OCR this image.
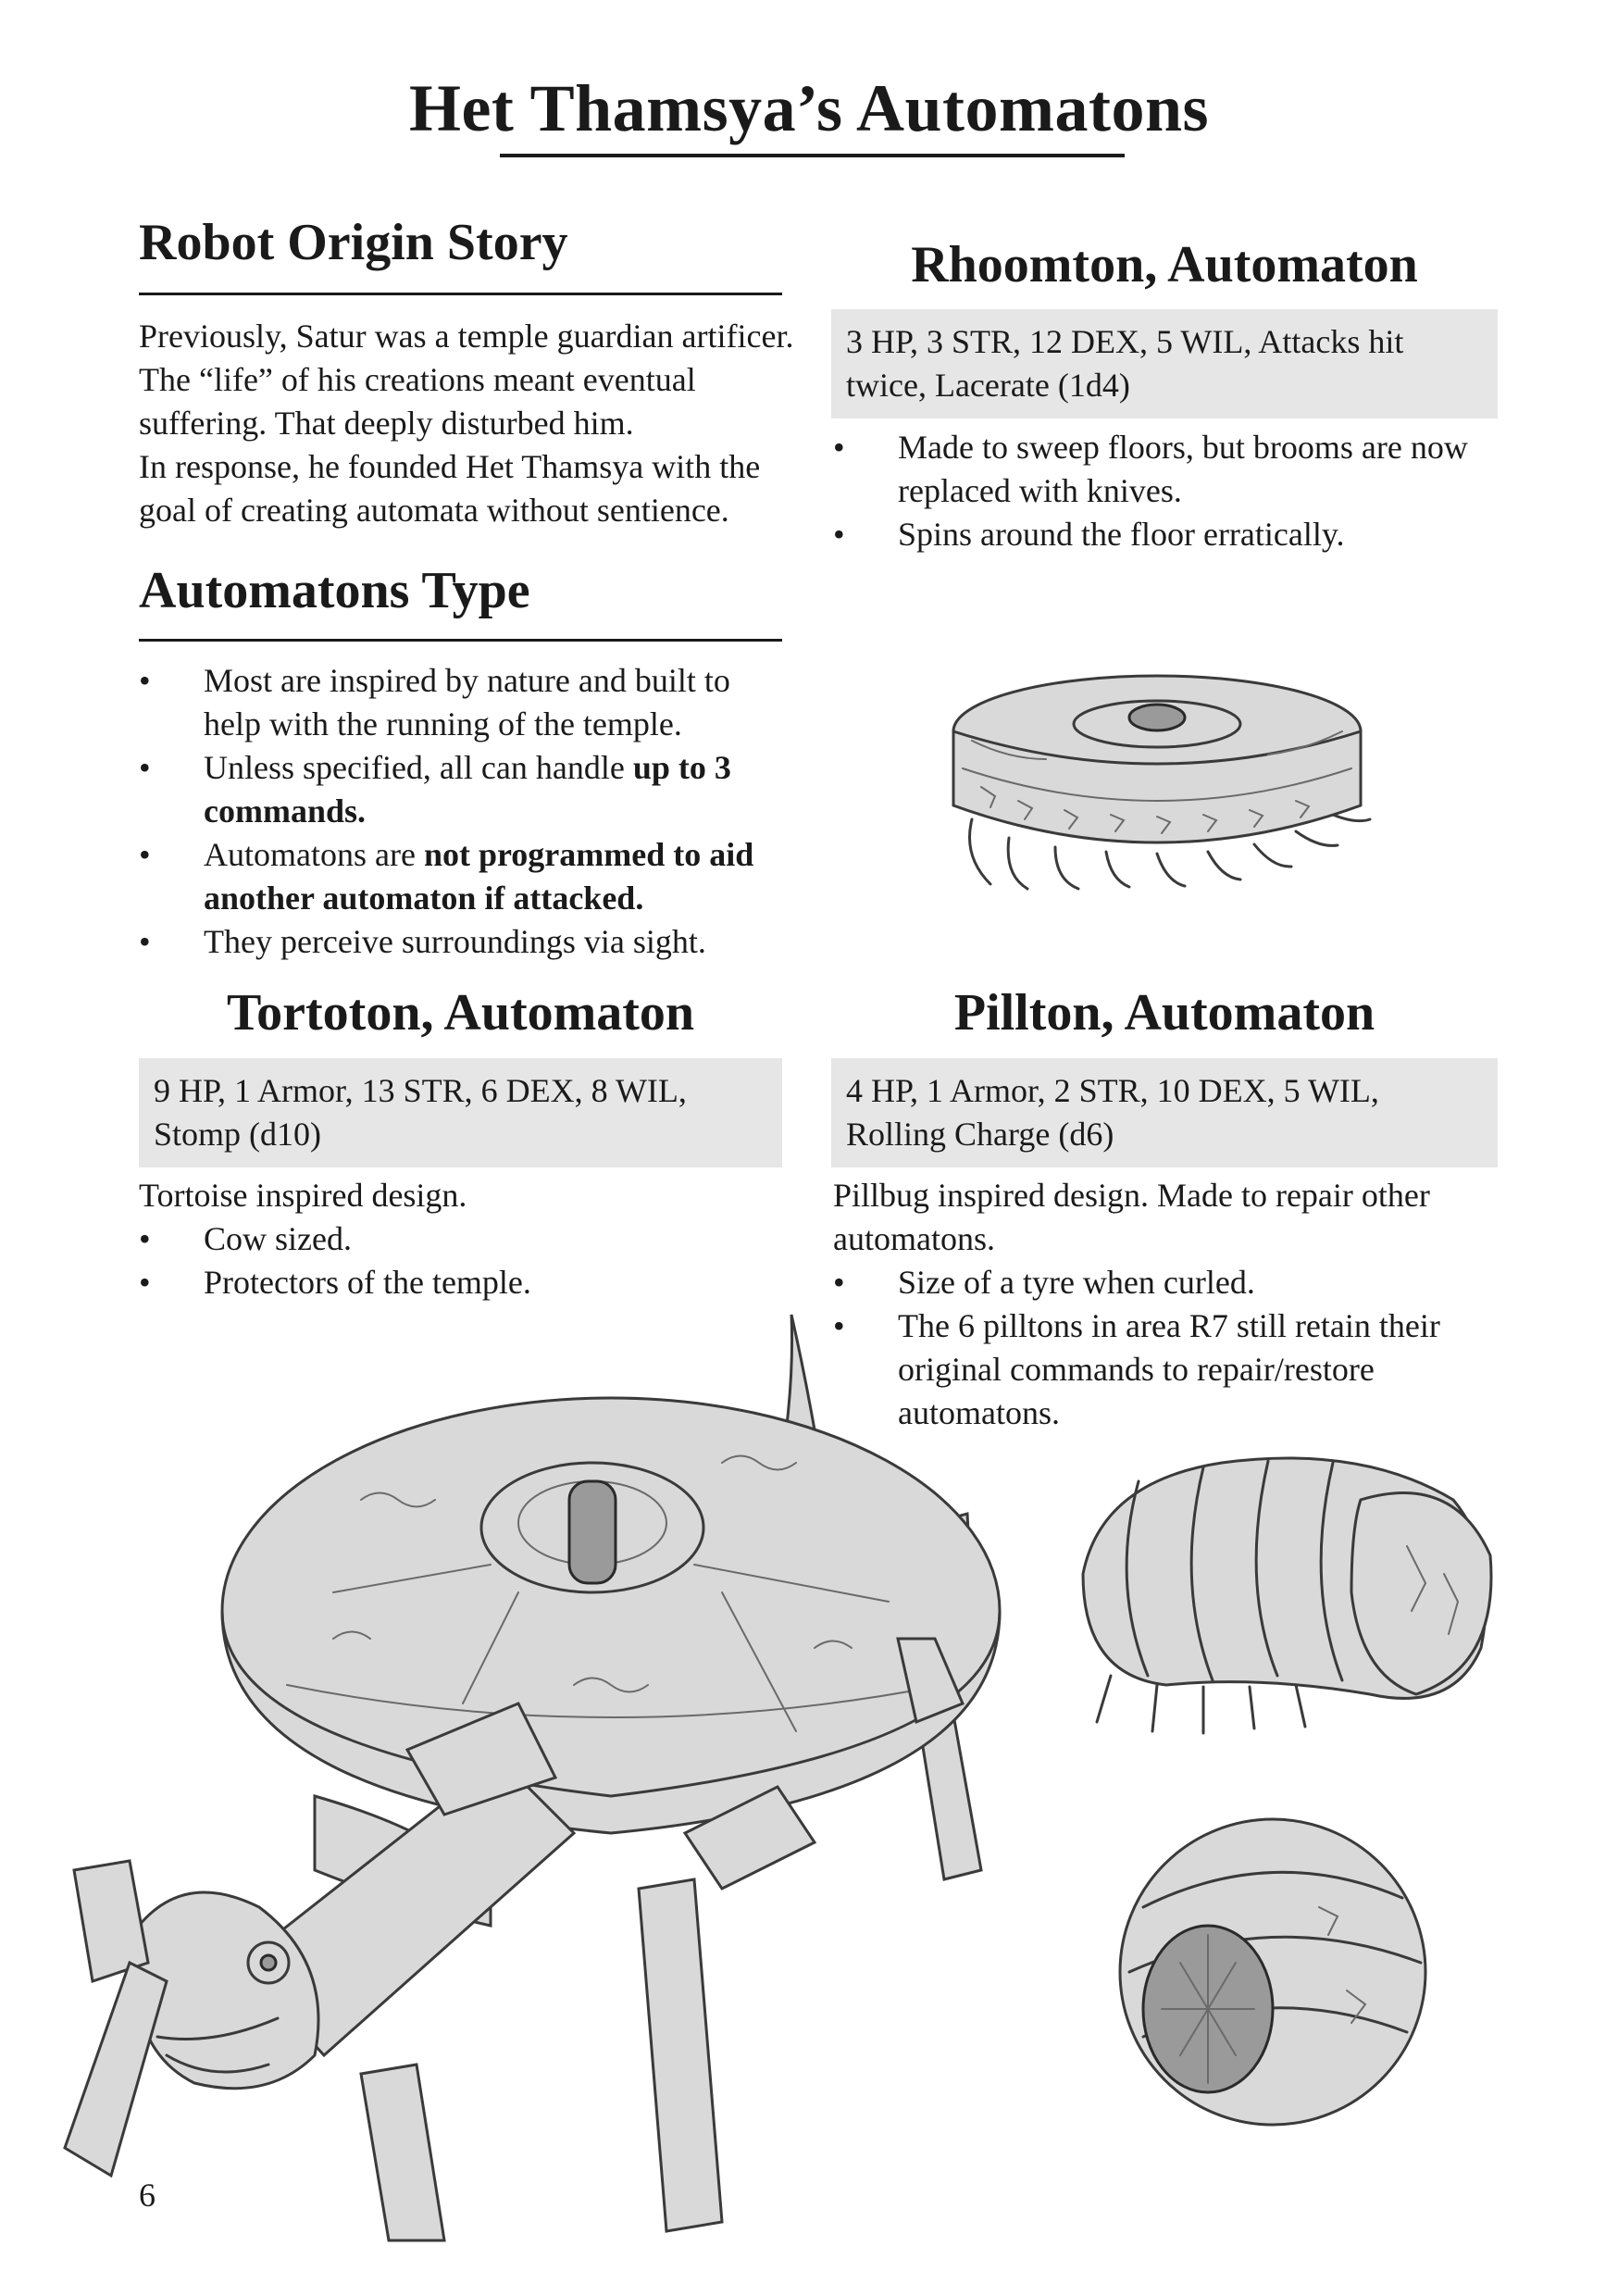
Het Thamsya’s Automatons
Robot Origin Story
Previously, Satur was a temple guardian artificer.
The “life” of his creations meant eventual
suffering. That deeply disturbed him.
In response, he founded Het Thamsya with the
goal of creating automata without sentience.
Automatons Type
• Most are inspired by nature and built to help with the running of the temple.
• Unless specified, all can handle up to 3 commands.
• Automatons are not programmed to aid another automaton if attacked.
• They perceive surroundings via sight.
Rhoomton, Automaton
3 HP, 3 STR, 12 DEX, 5 WIL, Attacks hit twice, Lacerate (1d4)
• Made to sweep floors, but brooms are now replaced with knives.
• Spins around the floor erratically.
Tortoton, Automaton
9 HP, 1 Armor, 13 STR, 6 DEX, 8 WIL, Stomp (d10)
Tortoise inspired design.
• Cow sized.
• Protectors of the temple.
Pillton, Automaton
4 HP, 1 Armor, 2 STR, 10 DEX, 5 WIL, Rolling Charge (d6)
Pillbug inspired design. Made to repair other automatons.
• Size of a tyre when curled.
• The 6 pilltons in area R7 still retain their original commands to repair/restore automatons.
6
